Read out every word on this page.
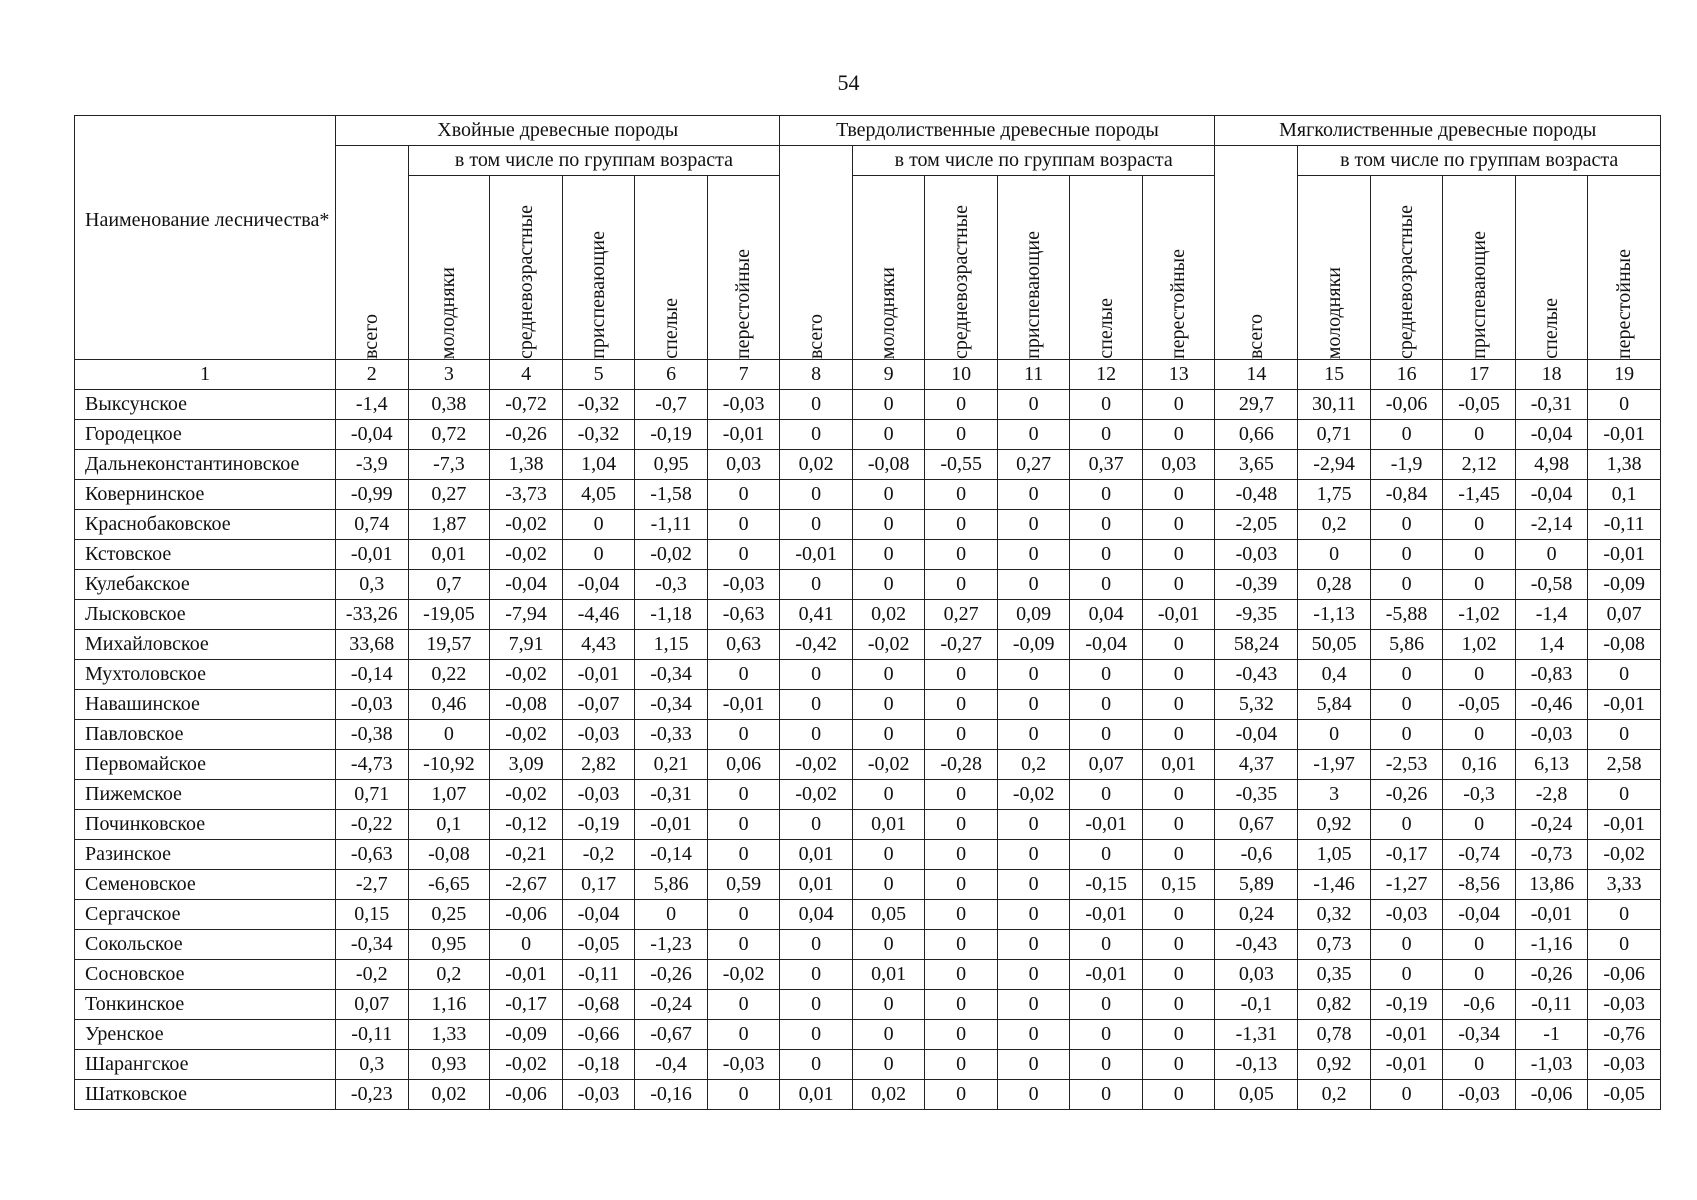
54
Наименование лесничества*	Хвойные древесные породы						Твердолиственные древесные породы						Мягколиственные древесные породы					

	всего	в том числе по группам возраста					всего	в том числе по группам возраста					всего	в том числе по группам возраста				

		молодняки	средневозрастные	приспевающие	спелые	перестойные		молодняки	средневозрастные	приспевающие	спелые	перестойные		молодняки	средневозрастные	приспевающие	спелые	перестойные

1	2	3	4	5	6	7	8	9	10	11	12	13	14	15	16	17	18	19
Выксунское	-1,4	0,38	-0,72	-0,32	-0,7	-0,03	0	0	0	0	0	0	29,7	30,11	-0,06	-0,05	-0,31	0
Городецкое	-0,04	0,72	-0,26	-0,32	-0,19	-0,01	0	0	0	0	0	0	0,66	0,71	0	0	-0,04	-0,01
Дальнеконстантиновское	-3,9	-7,3	1,38	1,04	0,95	0,03	0,02	-0,08	-0,55	0,27	0,37	0,03	3,65	-2,94	-1,9	2,12	4,98	1,38
Ковернинское	-0,99	0,27	-3,73	4,05	-1,58	0	0	0	0	0	0	0	-0,48	1,75	-0,84	-1,45	-0,04	0,1
Краснобаковское	0,74	1,87	-0,02	0	-1,11	0	0	0	0	0	0	0	-2,05	0,2	0	0	-2,14	-0,11
Кстовское	-0,01	0,01	-0,02	0	-0,02	0	-0,01	0	0	0	0	0	-0,03	0	0	0	0	-0,01
Кулебакское	0,3	0,7	-0,04	-0,04	-0,3	-0,03	0	0	0	0	0	0	-0,39	0,28	0	0	-0,58	-0,09
Лысковское	-33,26	-19,05	-7,94	-4,46	-1,18	-0,63	0,41	0,02	0,27	0,09	0,04	-0,01	-9,35	-1,13	-5,88	-1,02	-1,4	0,07
Михайловское	33,68	19,57	7,91	4,43	1,15	0,63	-0,42	-0,02	-0,27	-0,09	-0,04	0	58,24	50,05	5,86	1,02	1,4	-0,08
Мухтоловское	-0,14	0,22	-0,02	-0,01	-0,34	0	0	0	0	0	0	0	-0,43	0,4	0	0	-0,83	0
Навашинское	-0,03	0,46	-0,08	-0,07	-0,34	-0,01	0	0	0	0	0	0	5,32	5,84	0	-0,05	-0,46	-0,01
Павловское	-0,38	0	-0,02	-0,03	-0,33	0	0	0	0	0	0	0	-0,04	0	0	0	-0,03	0
Первомайское	-4,73	-10,92	3,09	2,82	0,21	0,06	-0,02	-0,02	-0,28	0,2	0,07	0,01	4,37	-1,97	-2,53	0,16	6,13	2,58
Пижемское	0,71	1,07	-0,02	-0,03	-0,31	0	-0,02	0	0	-0,02	0	0	-0,35	3	-0,26	-0,3	-2,8	0
Починковское	-0,22	0,1	-0,12	-0,19	-0,01	0	0	0,01	0	0	-0,01	0	0,67	0,92	0	0	-0,24	-0,01
Разинское	-0,63	-0,08	-0,21	-0,2	-0,14	0	0,01	0	0	0	0	0	-0,6	1,05	-0,17	-0,74	-0,73	-0,02
Семеновское	-2,7	-6,65	-2,67	0,17	5,86	0,59	0,01	0	0	0	-0,15	0,15	5,89	-1,46	-1,27	-8,56	13,86	3,33
Сергачское	0,15	0,25	-0,06	-0,04	0	0	0,04	0,05	0	0	-0,01	0	0,24	0,32	-0,03	-0,04	-0,01	0
Сокольское	-0,34	0,95	0	-0,05	-1,23	0	0	0	0	0	0	0	-0,43	0,73	0	0	-1,16	0
Сосновское	-0,2	0,2	-0,01	-0,11	-0,26	-0,02	0	0,01	0	0	-0,01	0	0,03	0,35	0	0	-0,26	-0,06
Тонкинское	0,07	1,16	-0,17	-0,68	-0,24	0	0	0	0	0	0	0	-0,1	0,82	-0,19	-0,6	-0,11	-0,03
Уренское	-0,11	1,33	-0,09	-0,66	-0,67	0	0	0	0	0	0	0	-1,31	0,78	-0,01	-0,34	-1	-0,76
Шарангское	0,3	0,93	-0,02	-0,18	-0,4	-0,03	0	0	0	0	0	0	-0,13	0,92	-0,01	0	-1,03	-0,03
Шатковское	-0,23	0,02	-0,06	-0,03	-0,16	0	0,01	0,02	0	0	0	0	0,05	0,2	0	-0,03	-0,06	-0,05
